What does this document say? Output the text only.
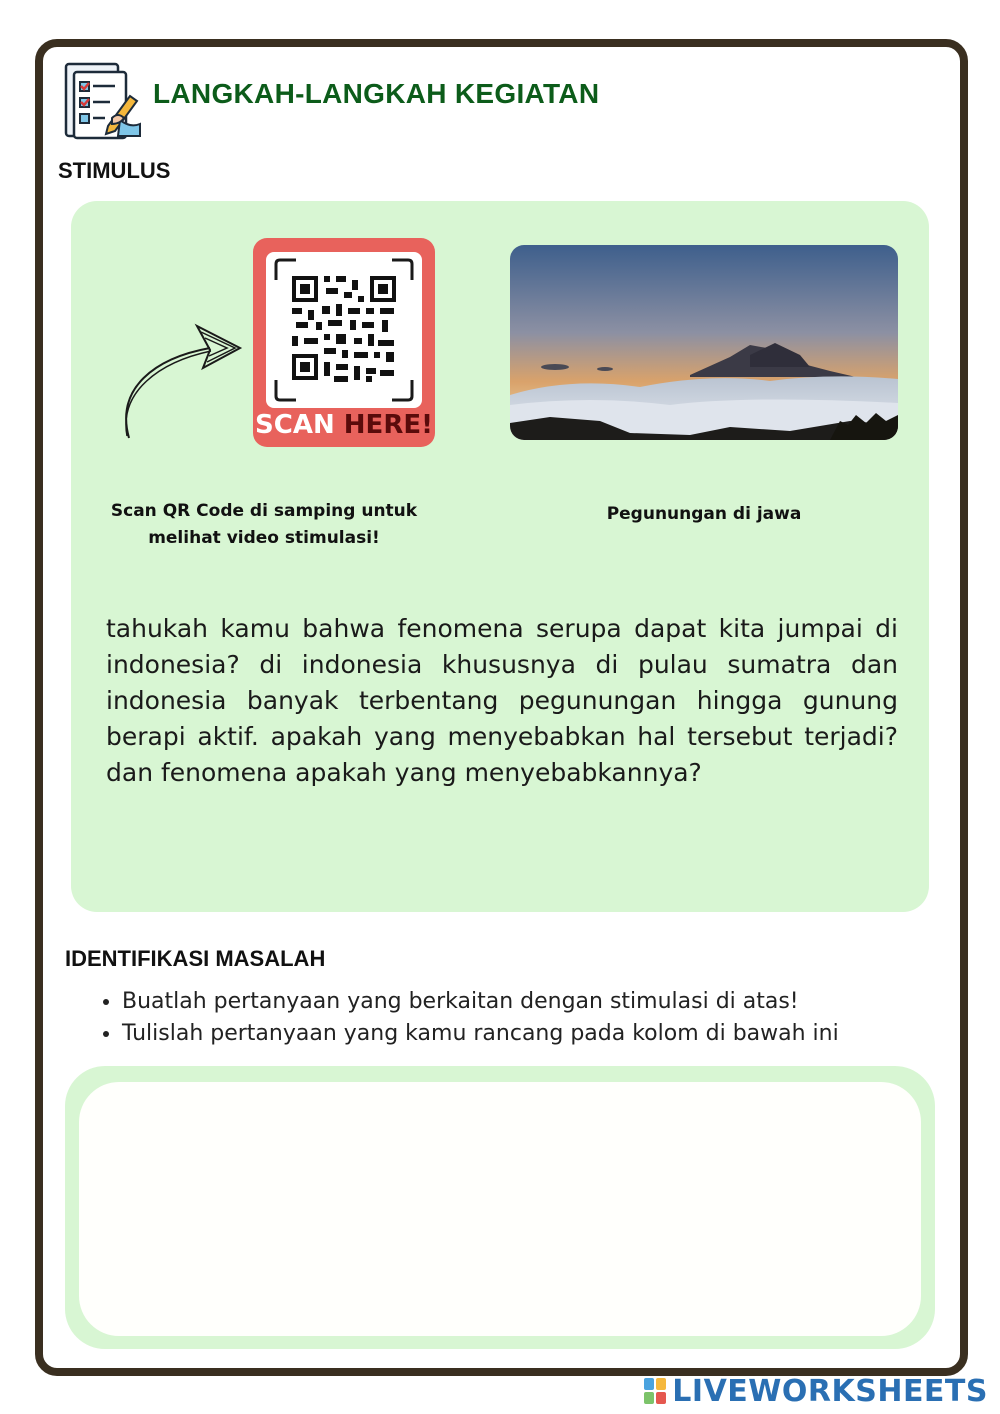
LANGKAH-LANGKAH KEGIATAN
STIMULUS
SCAN HERE!
Scan QR Code di samping untuk melihat video stimulasi!
Pegunungan di jawa
tahukah kamu bahwa fenomena serupa dapat kita jumpai di indonesia? di indonesia khususnya di pulau sumatra dan indonesia banyak terbentang pegunungan hingga gunung berapi aktif. apakah yang menyebabkan hal tersebut terjadi? dan fenomena apakah yang menyebabkannya?
IDENTIFIKASI MASALAH
• Buatlah pertanyaan yang berkaitan dengan stimulasi di atas!
• Tulislah pertanyaan yang kamu rancang pada kolom di bawah ini
LIVEWORKSHEETS
